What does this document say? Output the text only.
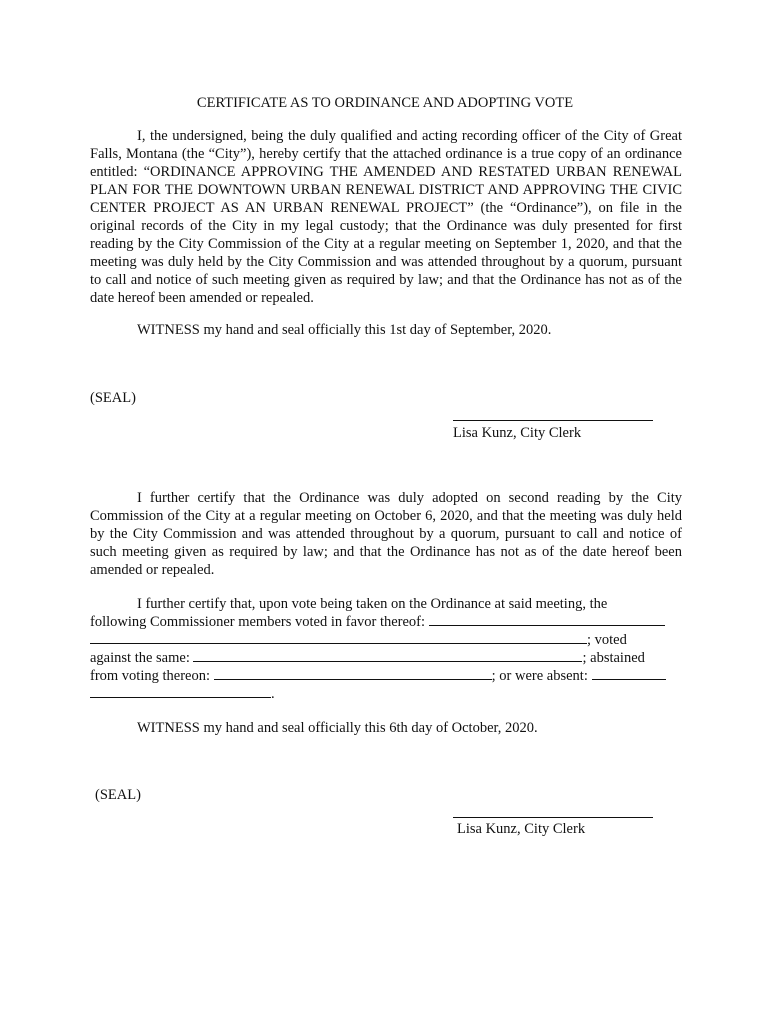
CERTIFICATE AS TO ORDINANCE AND ADOPTING VOTE
I, the undersigned, being the duly qualified and acting recording officer of the City of Great Falls, Montana (the “City”), hereby certify that the attached ordinance is a true copy of an ordinance entitled: “ORDINANCE APPROVING THE AMENDED AND RESTATED URBAN RENEWAL PLAN FOR THE DOWNTOWN URBAN RENEWAL DISTRICT AND APPROVING THE CIVIC CENTER PROJECT AS AN URBAN RENEWAL PROJECT” (the “Ordinance”), on file in the original records of the City in my legal custody; that the Ordinance was duly presented for first reading by the City Commission of the City at a regular meeting on September 1, 2020, and that the meeting was duly held by the City Commission and was attended throughout by a quorum, pursuant to call and notice of such meeting given as required by law; and that the Ordinance has not as of the date hereof been amended or repealed.
WITNESS my hand and seal officially this 1st day of September, 2020.
(SEAL)
Lisa Kunz, City Clerk
I further certify that the Ordinance was duly adopted on second reading by the City Commission of the City at a regular meeting on October 6, 2020, and that the meeting was duly held by the City Commission and was attended throughout by a quorum, pursuant to call and notice of such meeting given as required by law; and that the Ordinance has not as of the date hereof been amended or repealed.
I further certify that, upon vote being taken on the Ordinance at said meeting, the
following Commissioner members voted in favor thereof:
; voted
against the same:	; abstained
from voting thereon:	; or were absent:
.
WITNESS my hand and seal officially this 6th day of October, 2020.
(SEAL)
Lisa Kunz, City Clerk
